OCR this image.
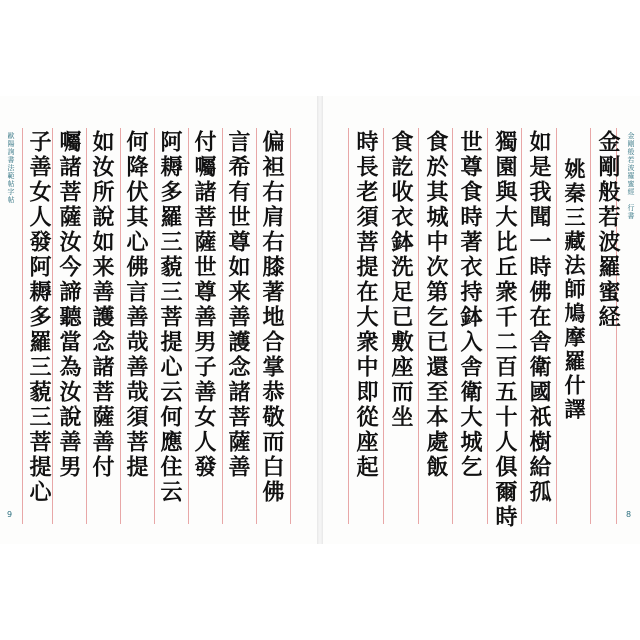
歐陽詢書法範帖字帖	金剛般若波羅蜜經　行書
9	8
金剛般若波羅蜜経
姚秦三藏法師鳩摩羅什譯
如是我聞一時佛在舎衛國祇樹給孤
獨園與大比丘衆千二百五十人俱爾時
世尊食時著衣持鉢入舎衛大城乞
食於其城中次第乞已還至本處飯
食訖收衣鉢洗足已敷座而坐
時長老須菩提在大衆中即從座起
偏袒右肩右膝著地合掌恭敬而白佛
言希有世尊如来善護念諸菩薩善
付囑諸菩薩世尊善男子善女人發
阿耨多羅三藐三菩提心云何應住云
何降伏其心佛言善哉善哉須菩提
如汝所說如来善護念諸菩薩善付
囑諸菩薩汝今諦聽當為汝說善男
子善女人發阿耨多羅三藐三菩提心
